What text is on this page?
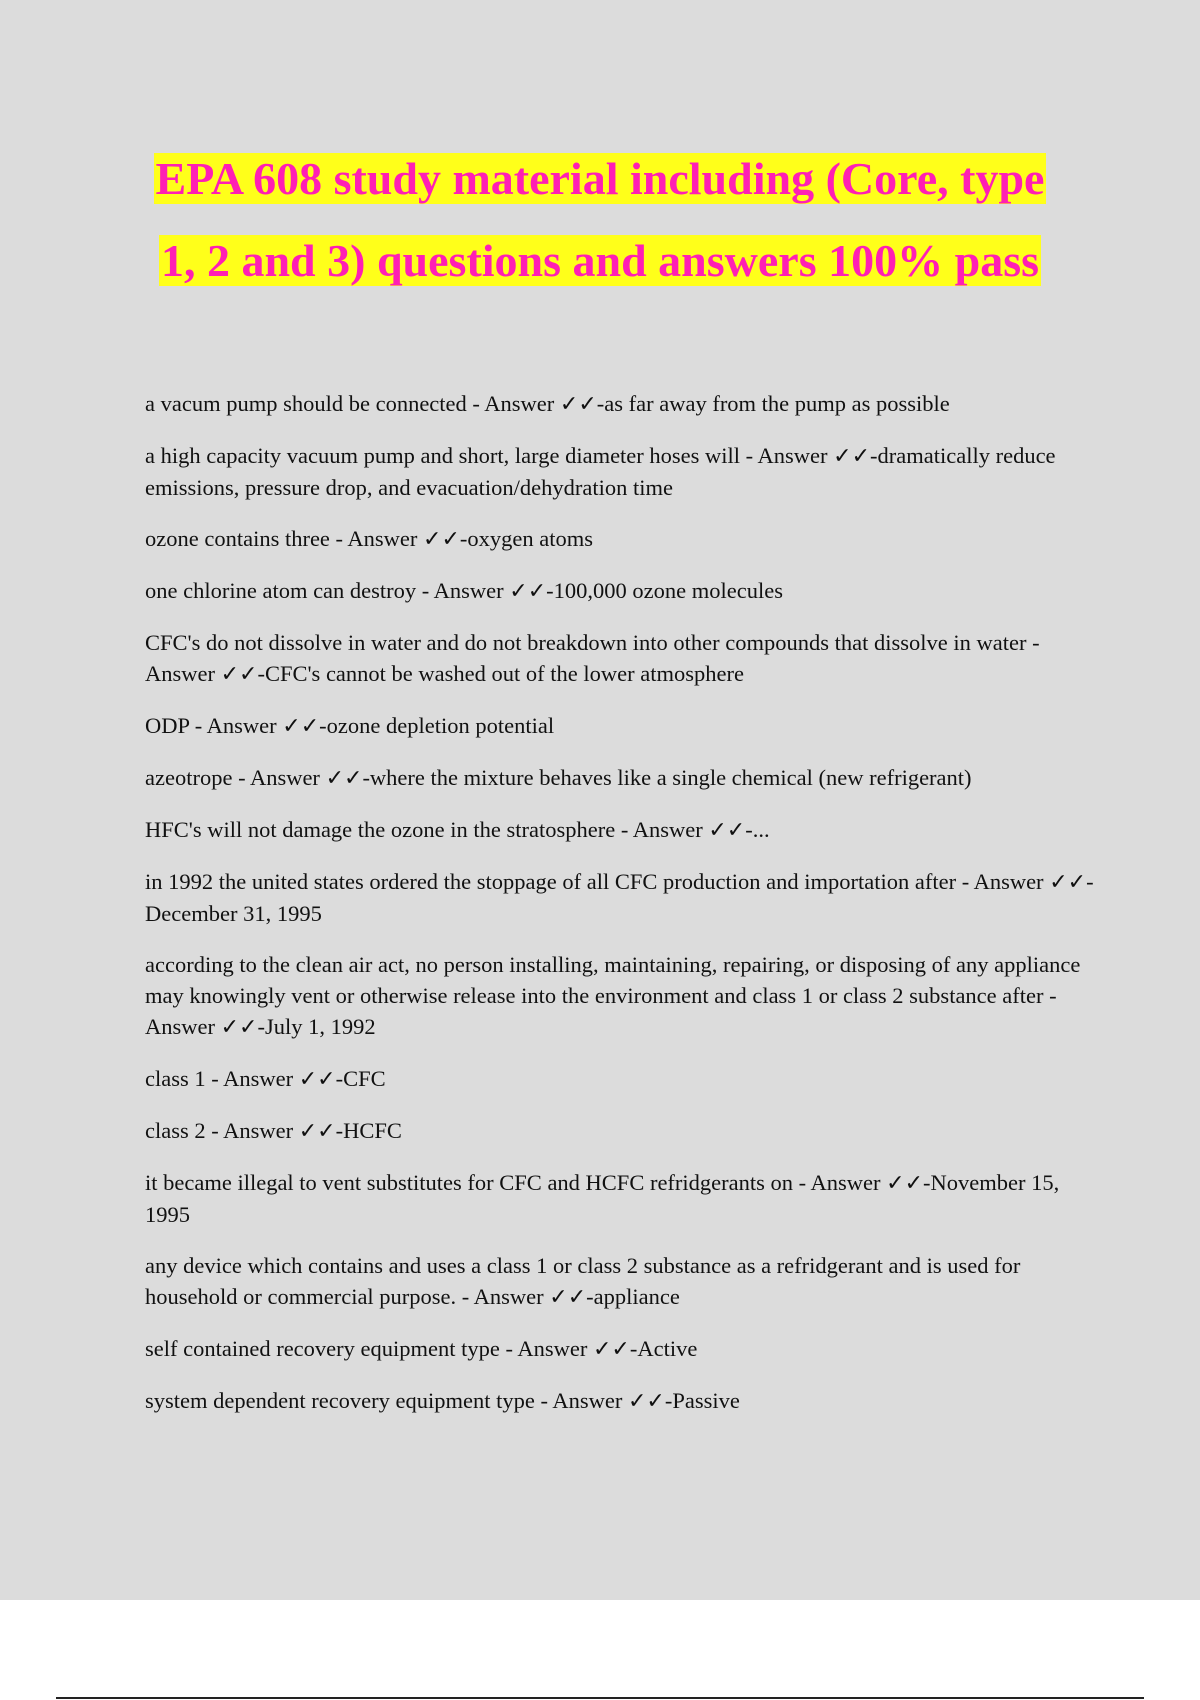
EPA 608 study material including (Core, type
1, 2 and 3) questions and answers 100% pass
a vacum pump should be connected - Answer ✓✓-as far away from the pump as possible
a high capacity vacuum pump and short, large diameter hoses will - Answer ✓✓-dramatically reduce emissions, pressure drop, and evacuation/dehydration time
ozone contains three - Answer ✓✓-oxygen atoms
one chlorine atom can destroy - Answer ✓✓-100,000 ozone molecules
CFC's do not dissolve in water and do not breakdown into other compounds that dissolve in water - Answer ✓✓-CFC's cannot be washed out of the lower atmosphere
ODP - Answer ✓✓-ozone depletion potential
azeotrope - Answer ✓✓-where the mixture behaves like a single chemical (new refrigerant)
HFC's will not damage the ozone in the stratosphere - Answer ✓✓-...
in 1992 the united states ordered the stoppage of all CFC production and importation after - Answer ✓✓-December 31, 1995
according to the clean air act, no person installing, maintaining, repairing, or disposing of any appliance may knowingly vent or otherwise release into the environment and class 1 or class 2 substance after - Answer ✓✓-July 1, 1992
class 1 - Answer ✓✓-CFC
class 2 - Answer ✓✓-HCFC
it became illegal to vent substitutes for CFC and HCFC refridgerants on - Answer ✓✓-November 15, 1995
any device which contains and uses a class 1 or class 2 substance as a refridgerant and is used for household or commercial purpose. - Answer ✓✓-appliance
self contained recovery equipment type - Answer ✓✓-Active
system dependent recovery equipment type - Answer ✓✓-Passive
